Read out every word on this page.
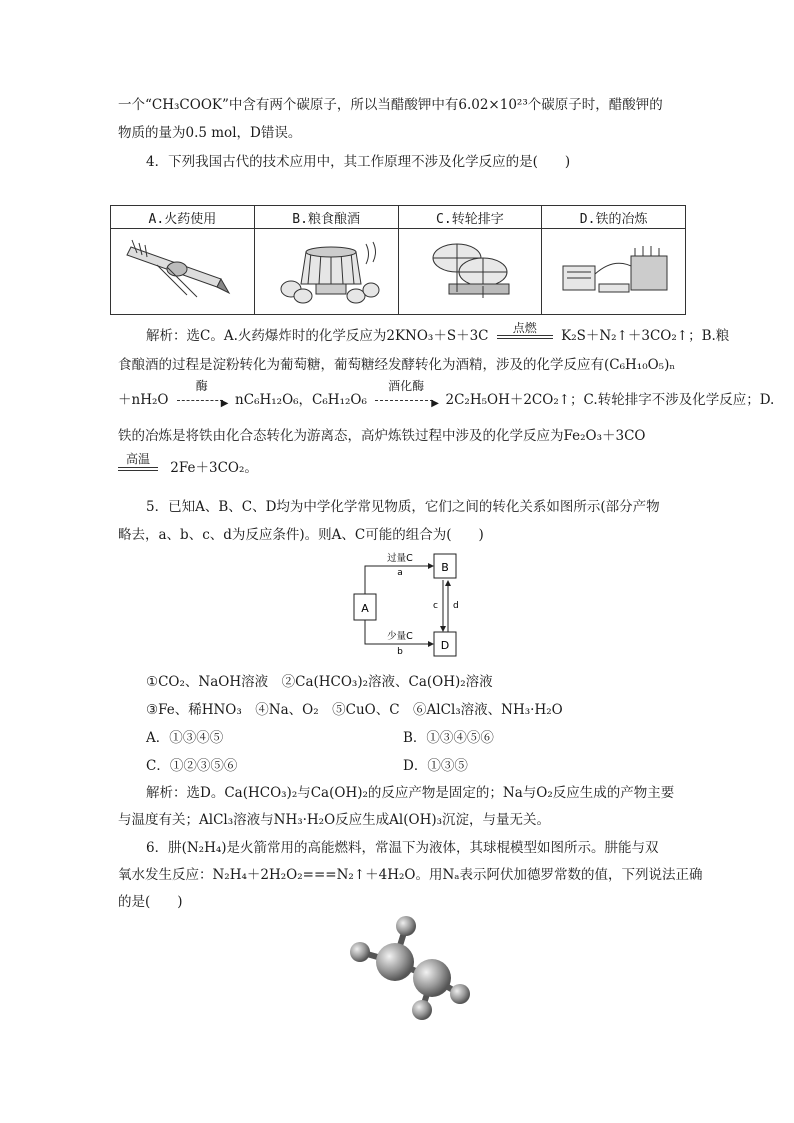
一个“CH₃COOK”中含有两个碳原子，所以当醋酸钾中有6.02×10²³个碳原子时，醋酸钾的
物质的量为0.5 mol，D错误。
4．下列我国古代的技术应用中，其工作原理不涉及化学反应的是(　　)
A.火药使用	B.粮食酿酒	C.转轮排字	D.铁的冶炼

解析：选C。A.火药爆炸时的化学反应为2KNO₃＋S＋3C	点燃	K₂S＋N₂↑＋3CO₂↑；B.粮
食酿酒的过程是淀粉转化为葡萄糖，葡萄糖经发酵转化为酒精，涉及的化学反应有(C₆H₁₀O₅)ₙ
＋nH₂O
酶
▶ nC₆H₁₂O₆，C₆H₁₂O₆
酒化酶
▶ 2C₂H₅OH＋2CO₂↑；C.转轮排字不涉及化学反应；D.
铁的冶炼是将铁由化合态转化为游离态，高炉炼铁过程中涉及的化学反应为Fe₂O₃＋3CO
高温
2Fe＋3CO₂。
5．已知A、B、C、D均为中学化学常见物质，它们之间的转化关系如图所示(部分产物
略去，a、b、c、d为反应条件)。则A、C可能的组合为(　　)
A
B
D
过量C
a
少量C
b
c d
①CO₂、NaOH溶液　②Ca(HCO₃)₂溶液、Ca(OH)₂溶液
③Fe、稀HNO₃　④Na、O₂　⑤CuO、C　⑥AlCl₃溶液、NH₃·H₂O
A．①③④⑤	B．①③④⑤⑥
C．①②③⑤⑥	D．①③⑤
解析：选D。Ca(HCO₃)₂与Ca(OH)₂的反应产物是固定的；Na与O₂反应生成的产物主要
与温度有关；AlCl₃溶液与NH₃·H₂O反应生成Al(OH)₃沉淀，与量无关。
6．肼(N₂H₄)是火箭常用的高能燃料，常温下为液体，其球棍模型如图所示。肼能与双
氧水发生反应：N₂H₄＋2H₂O₂===N₂↑＋4H₂O。用Nₐ表示阿伏加德罗常数的值，下列说法正确
的是(　　)
